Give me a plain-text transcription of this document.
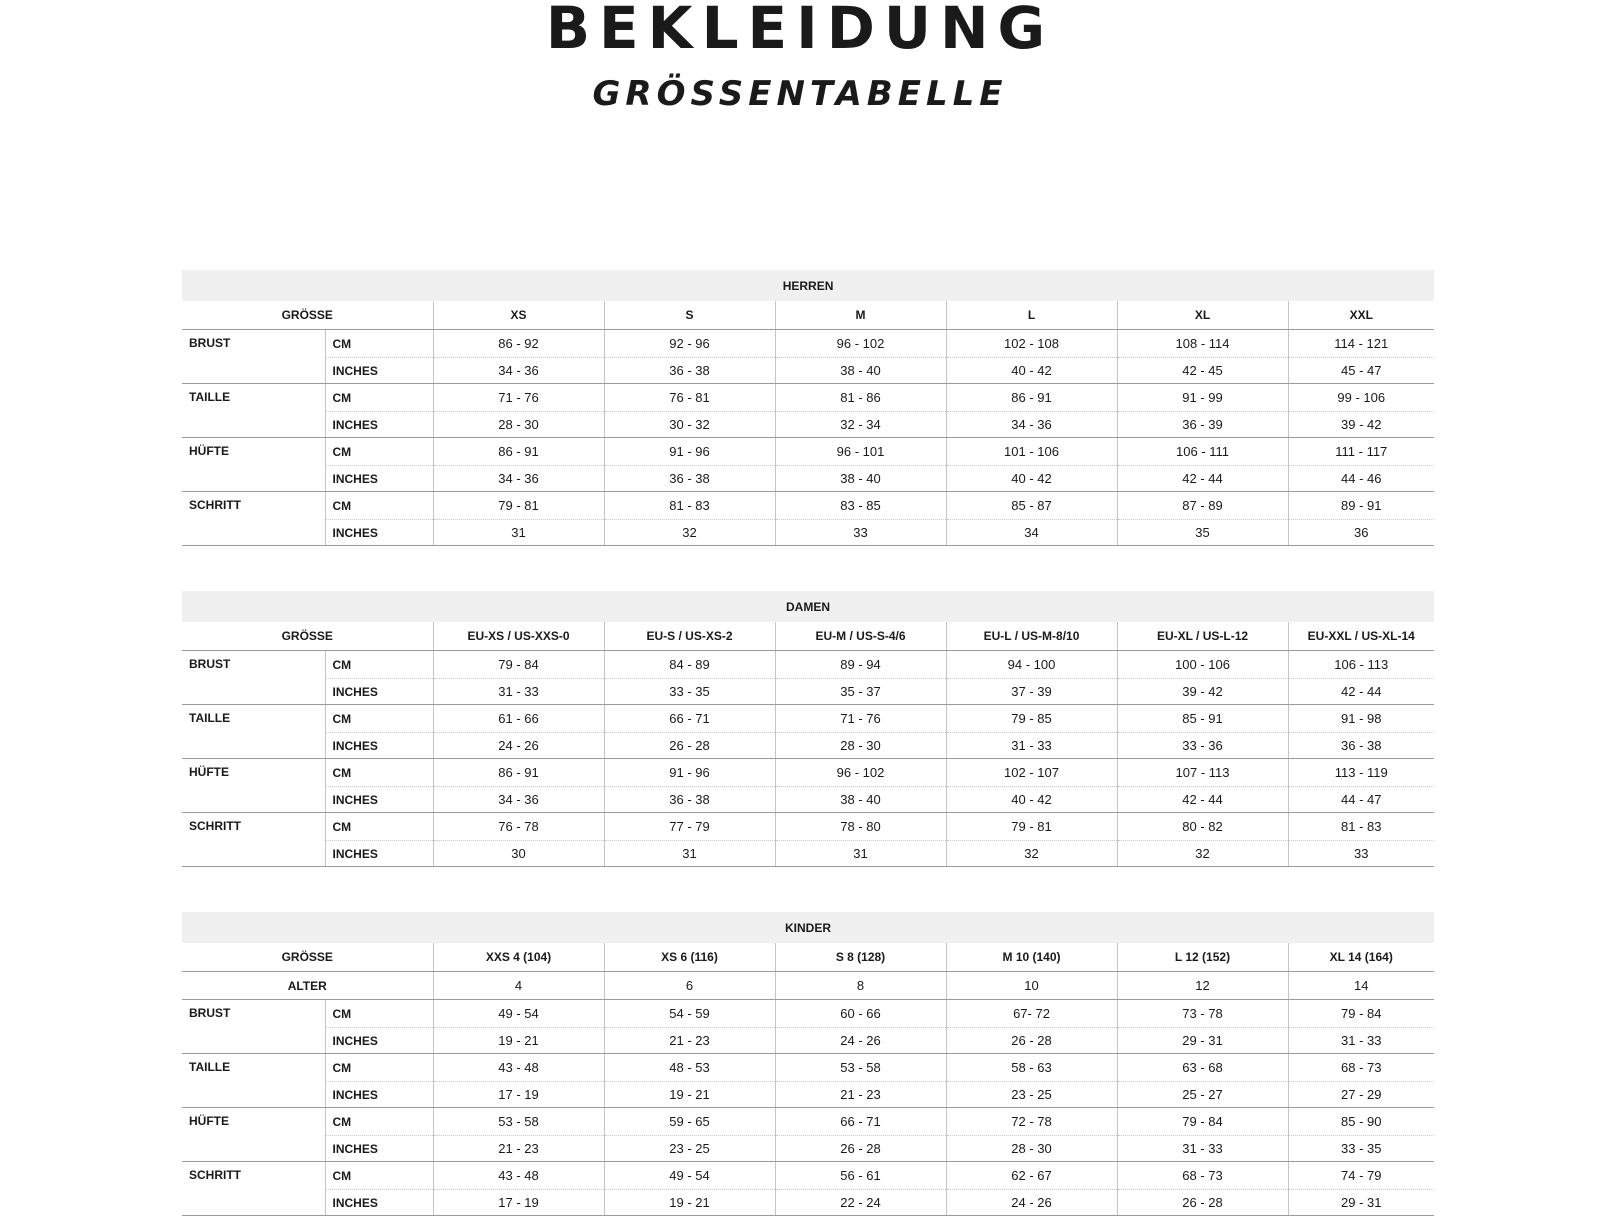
BEKLEIDUNG
GRÖSSENTABELLE
HERREN							
GRÖSSE		XS	S	M	L	XL	XXL
BRUST	CM	86 - 92	92 - 96	96 - 102	102 - 108	108 - 114	114 - 121
	INCHES	34 - 36	36 - 38	38 - 40	40 - 42	42 - 45	45 - 47
TAILLE	CM	71 - 76	76 - 81	81 - 86	86 - 91	91 - 99	99 - 106
	INCHES	28 - 30	30 - 32	32 - 34	34 - 36	36 - 39	39 - 42
HÜFTE	CM	86 - 91	91 - 96	96 - 101	101 - 106	106 - 111	111 - 117
	INCHES	34 - 36	36 - 38	38 - 40	40 - 42	42 - 44	44 - 46
SCHRITT	CM	79 - 81	81 - 83	83 - 85	85 - 87	87 - 89	89 - 91
	INCHES	31	32	33	34	35	36
DAMEN							
GRÖSSE		EU-XS / US-XXS-0	EU-S / US-XS-2	EU-M / US-S-4/6	EU-L / US-M-8/10	EU-XL / US-L-12	EU-XXL / US-XL-14
BRUST	CM	79 - 84	84 - 89	89 - 94	94 - 100	100 - 106	106 - 113
	INCHES	31 - 33	33 - 35	35 - 37	37 - 39	39 - 42	42 - 44
TAILLE	CM	61 - 66	66 - 71	71 - 76	79 - 85	85 - 91	91 - 98
	INCHES	24 - 26	26 - 28	28 - 30	31 - 33	33 - 36	36 - 38
HÜFTE	CM	86 - 91	91 - 96	96 - 102	102 - 107	107 - 113	113 - 119
	INCHES	34 - 36	36 - 38	38 - 40	40 - 42	42 - 44	44 - 47
SCHRITT	CM	76 - 78	77 - 79	78 - 80	79 - 81	80 - 82	81 - 83
	INCHES	30	31	31	32	32	33
KINDER							
GRÖSSE		XXS 4 (104)	XS 6 (116)	S 8 (128)	M 10 (140)	L 12 (152)	XL 14 (164)
ALTER		4	6	8	10	12	14
BRUST	CM	49 - 54	54 - 59	60 - 66	67- 72	73 - 78	79 - 84
	INCHES	19 - 21	21 - 23	24 - 26	26 - 28	29 - 31	31 - 33
TAILLE	CM	43 - 48	48 - 53	53 - 58	58 - 63	63 - 68	68 - 73
	INCHES	17 - 19	19 - 21	21 - 23	23 - 25	25 - 27	27 - 29
HÜFTE	CM	53 - 58	59 - 65	66 - 71	72 - 78	79 - 84	85 - 90
	INCHES	21 - 23	23 - 25	26 - 28	28 - 30	31 - 33	33 - 35
SCHRITT	CM	43 - 48	49 - 54	56 - 61	62 - 67	68 - 73	74 - 79
	INCHES	17 - 19	19 - 21	22 - 24	24 - 26	26 - 28	29 - 31
